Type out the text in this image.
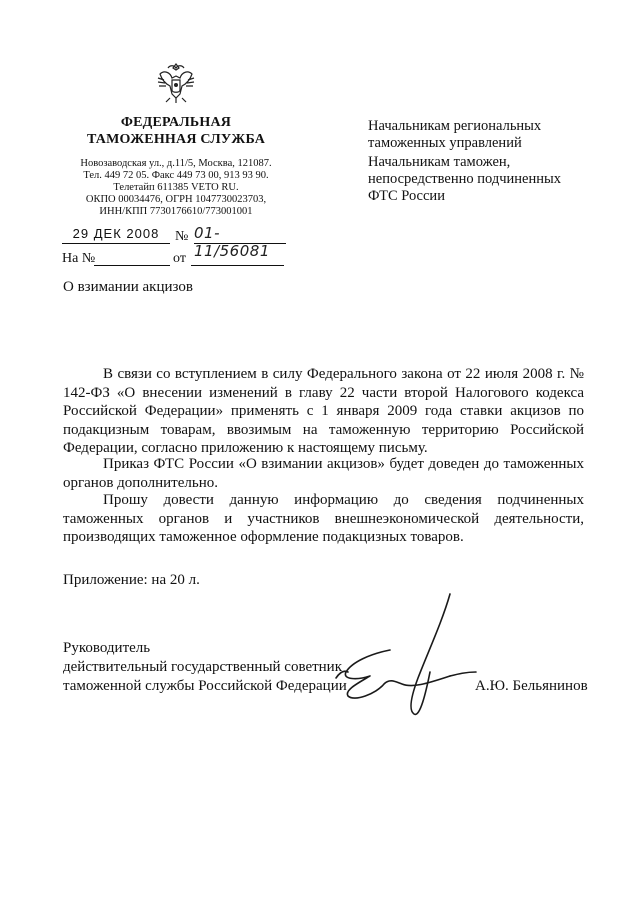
ФЕДЕРАЛЬНАЯ
ТАМОЖЕННАЯ СЛУЖБА
Новозаводская ул., д.11/5, Москва, 121087.
Тел. 449 72 05. Факс 449 73 00, 913 93 90.
Телетайп 611385 VETO RU.
ОКПО 00034476, ОГРН 1047730023703,
ИНН/КПП 7730176610/773001001
29 ДЕК 2008	№ 01-11/56081
На №	от
О взимании акцизов
Начальникам региональных
таможенных управлений
Начальникам таможен,
непосредственно подчиненных
ФТС России
В связи со вступлением в силу Федерального закона от 22 июля 2008 г. № 142-ФЗ «О внесении изменений в главу 22 части второй Налогового кодекса Российской Федерации» применять с 1 января 2009 года ставки акцизов по подакцизным товарам, ввозимым на таможенную территорию Российской Федерации, согласно приложению к настоящему письму.
Приказ ФТС России «О взимании акцизов» будет доведен до таможенных органов дополнительно.
Прошу довести данную информацию до сведения подчиненных таможенных органов и участников внешнеэкономической деятельности, производящих таможенное оформление подакцизных товаров.
Приложение: на 20 л.
Руководитель
действительный государственный советник
таможенной службы Российской Федерации	А.Ю. Бельянинов
